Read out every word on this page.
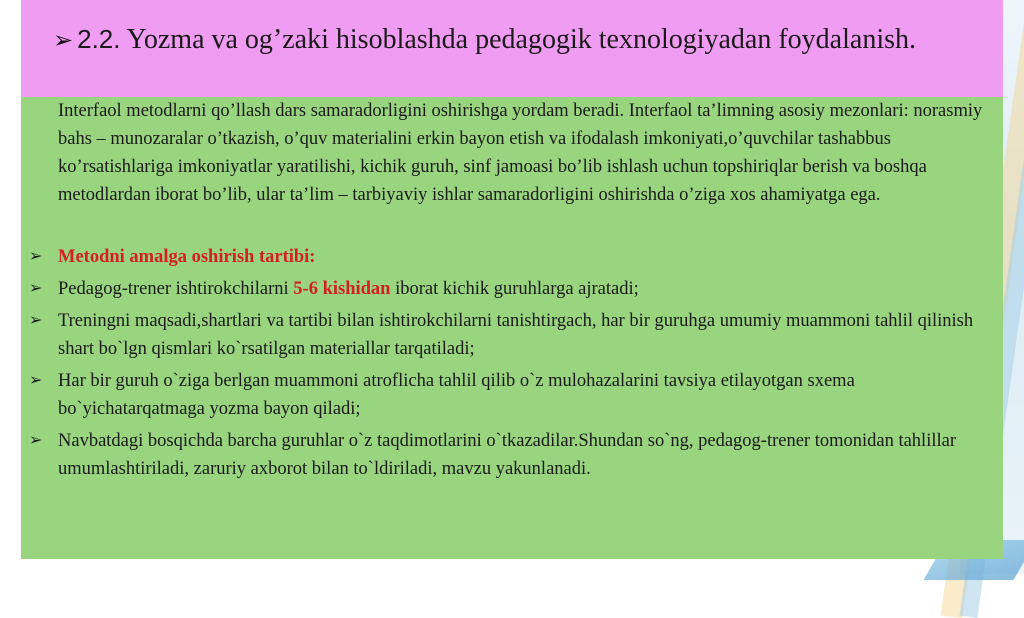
➢ 2.2. Yozma va og’zaki hisoblashda pedagogik texnologiyadan foydalanish.

Interfaol metodlarni qo’llash dars samaradorligini oshirishga yordam beradi. Interfaol ta’limning asosiy mezonlari: norasmiy bahs – munozaralar o’tkazish, o’quv materialini erkin bayon etish va ifodalash imkoniyati,o’quvchilar tashabbus ko’rsatishlariga imkoniyatlar yaratilishi, kichik guruh, sinf jamoasi bo’lib ishlash uchun topshiriqlar berish va boshqa metodlardan iborat bo’lib, ular ta’lim – tarbiyaviy ishlar samaradorligini oshirishda o’ziga xos ahamiyatga ega.

➢ Metodni amalga oshirish tartibi:
➢ Pedagog-trener ishtirokchilarni 5-6 kishidan iborat kichik guruhlarga ajratadi;
➢ Treningni maqsadi,shartlari va tartibi bilan ishtirokchilarni tanishtirgach, har bir guruhga umumiy muammoni tahlil qilinish shart bo`lgn qismlari ko`rsatilgan materiallar tarqatiladi;
➢ Har bir guruh o`ziga berlgan muammoni atroflicha tahlil qilib o`z mulohazalarini tavsiya etilayotgan sxema bo`yichatarqatmaga yozma bayon qiladi;
➢ Navbatdagi bosqichda barcha guruhlar o`z taqdimotlarini o`tkazadilar.Shundan so`ng, pedagog-trener tomonidan tahlillar umumlashtiriladi, zaruriy axborot bilan to`ldiriladi, mavzu yakunlanadi.
